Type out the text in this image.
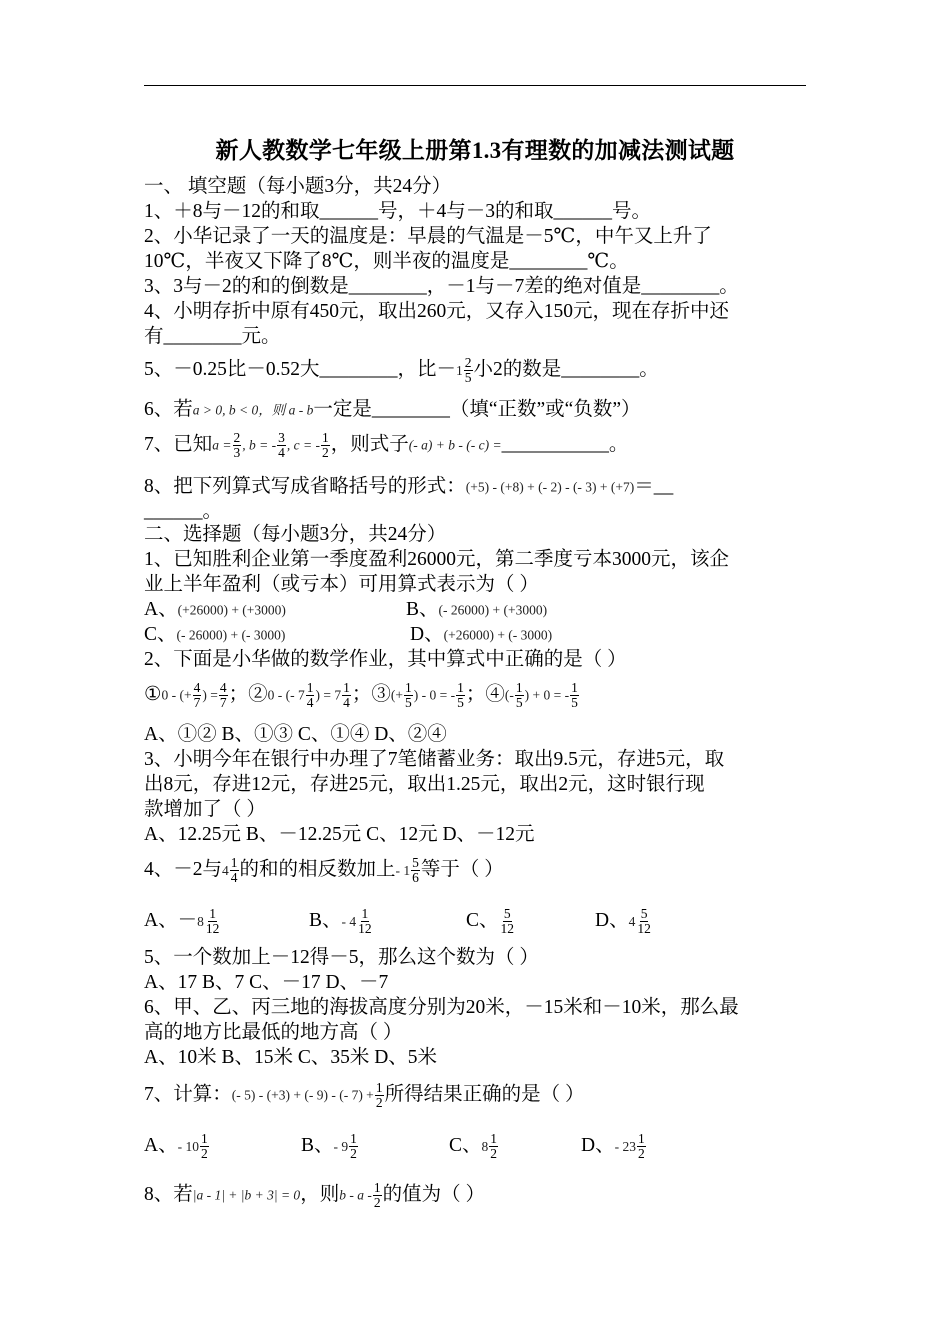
新人教数学七年级上册第1.3有理数的加减法测试题
一、 填空题（每小题3分，共24分）
1、＋8与－12的和取______号，＋4与－3的和取______号。
2、小华记录了一天的温度是：早晨的气温是－5℃，中午又上升了
10℃，半夜又下降了8℃，则半夜的温度是________℃。
3、3与－2的和的倒数是________，－1与－7差的绝对值是________。
4、小明存折中原有450元，取出260元，又存入150元，现在存折中还
有________元。
5、－0.25比－0.52大________，比－ $1 \frac{2}{5}$ 小2的数是________。
6、若a > 0, b < 0，则 a - b一定是________（填“正数”或“负数”）
7、已知$a = \frac{2}{3}$ , b = - $\frac{3}{4}$ , c = - $\frac{1}{2}$ ，则式子(- a) + b - (- c) =___________。
8、把下列算式写成省略括号的形式：(+5) - (+8) + (- 2) - (- 3) + (+7)＝__
______。
二、选择题（每小题3分，共24分）
1、已知胜利企业第一季度盈利26000元，第二季度亏本3000元，该企
业上半年盈利（或亏本）可用算式表示为（ ）
A、(+26000) + (+3000)	B、(- 26000) + (+3000)
C、(- 26000) + (- 3000)	D、(+26000) + (- 3000)
2、下面是小华做的数学作业，其中算式中正确的是（ ）
①0 - (+ $\frac{4}{7}$ ) = $\frac{4}{7}$ ；②0 - (- $7 \frac{1}{4}$ ) = $7 \frac{1}{4}$ ；③(+ $\frac{1}{5}$ ) - 0 = - $\frac{1}{5}$ ；④(- $\frac{1}{5}$ ) + 0 = - $\frac{1}{5}$
A、①② B、①③ C、①④ D、②④
3、小明今年在银行中办理了7笔储蓄业务：取出9.5元，存进5元，取
出8元，存进12元，存进25元，取出1.25元，取出2元，这时银行现
款增加了（ ）
A、12.25元 B、－12.25元 C、12元 D、－12元
4、－2与 $4 \frac{1}{4}$ 的和的相反数加上 - $1 \frac{5}{6}$ 等于（ ）
A、－ $8 \frac{1}{12}$	B、 - $4 \frac{1}{12}$	C、 $\frac{5}{12}$	D、 $4 \frac{5}{12}$
5、一个数加上－12得－5，那么这个数为（ ）
A、17 B、7 C、－17 D、－7
6、甲、乙、丙三地的海拔高度分别为20米，－15米和－10米，那么最
高的地方比最低的地方高（ ）
A、10米 B、15米 C、35米 D、5米
7、计算：(- 5) - (+3) + (- 9) - (- $7) + \frac{1}{2}$ 所得结果正确的是（ ）
A、 - $10 \frac{1}{2}$	B、 - $9 \frac{1}{2}$	C、 $8 \frac{1}{2}$	D、 - $23 \frac{1}{2}$
8、若|a - 1| + |b + 3| = 0，则b - a - $\frac{1}{2}$ 的值为（ ）
